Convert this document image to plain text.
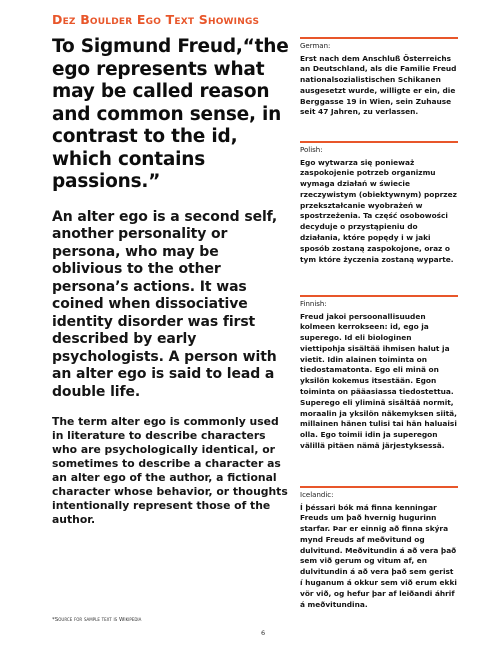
Dez Boulder Ego Text Showings

To Sigmund Freud,“the ego represents what may be called reason and common sense, in contrast to the id, which contains passions.”

An alter ego is a second self, another personality or persona, who may be oblivious to the other persona’s actions. It was coined when dissociative identity disorder was first described by early psychologists. A person with an alter ego is said to lead a double life.

The term alter ego is commonly used in literature to describe characters who are psychologically identical, or sometimes to describe a character as an alter ego of the author, a fictional character whose behavior, or thoughts intentionally represent those of the author.

*Source for sample text is Wikipedia
6

German:

Erst nach dem Anschluß Österreichs an Deutschland, als die Familie Freud nationalsozialistischen Schikanen ausgesetzt wurde, willigte er ein, die Berggasse 19 in Wien, sein Zuhause seit 47 Jahren, zu verlassen.

Polish:

Ego wytwarza się ponieważ zaspokojenie potrzeb organizmu wymaga działań w świecie rzeczywistym (obiektywnym) poprzez przekształcanie wyobrażeń w spostrzeżenia. Ta część osobowości decyduje o przystąpieniu do działania, które popędy i w jaki sposób zostaną zaspokojone, oraz o tym które życzenia zostaną wyparte.

Finnish:

Freud jakoi persoonallisuuden kolmeen kerrokseen: id, ego ja superego. Id eli biologinen viettipohja sisältää ihmisen halut ja vietit. Idin alainen toiminta on tiedostamatonta. Ego eli minä on yksilön kokemus itsestään. Egon toiminta on pääasiassa tiedostettua. Superego eli yliminä sisältää normit, moraalin ja yksilön näkemyksen siitä, millainen hänen tulisi tai hän haluaisi olla. Ego toimii idin ja superegon välillä pitäen nämä järjestyksessä.

Icelandic:

Í þéssari bók má finna kenningar Freuds um það hvernig hugurinn starfar. Þar er einnig að finna skýra mynd Freuds af meðvitund og dulvitund. Meðvitundin á að vera það sem við gerum og vitum af, en dulvitundin á að vera það sem gerist í huganum á okkur sem við erum ekki vör við, og hefur þar af leiðandi áhrif á meðvitundina.
